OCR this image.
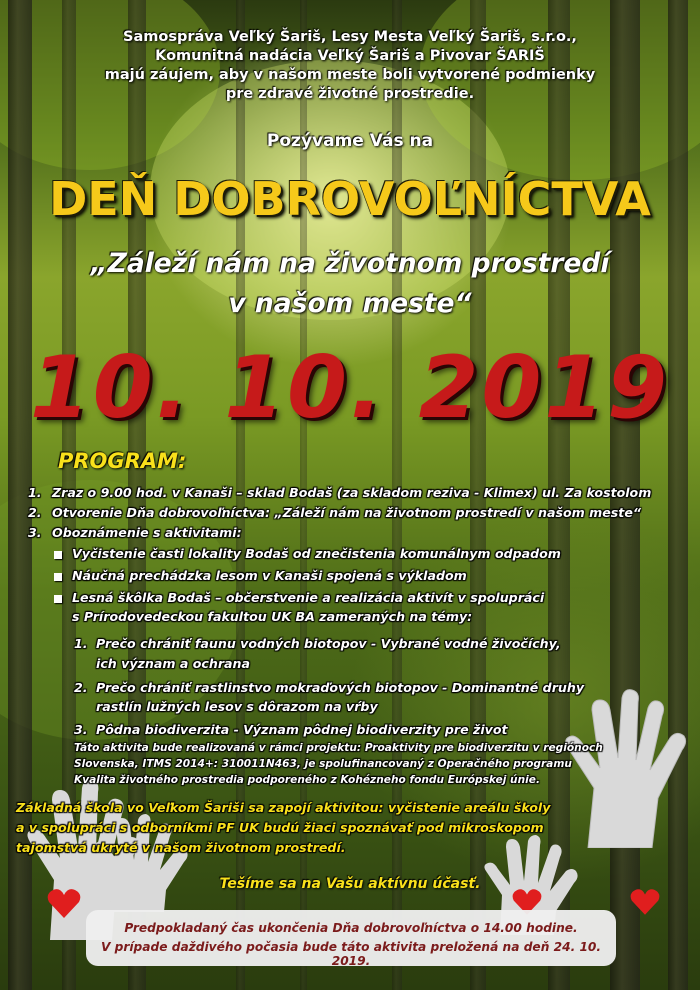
Samospráva Veľký Šariš, Lesy Mesta Veľký Šariš, s.r.o.,
Komunitná nadácia Veľký Šariš a Pivovar ŠARIŠ
majú záujem, aby v našom meste boli vytvorené podmienky
pre zdravé životné prostredie.
Pozývame Vás na
DEŇ DOBROVOĽNÍCTVA
„Záleží nám na životnom prostredí
v našom meste“
10. 10. 2019
PROGRAM:
1. Zraz o 9.00 hod. v Kanaši – sklad Bodaš (za skladom reziva - Klimex) ul. Za kostolom
2. Otvorenie Dňa dobrovoľníctva: „Záleží nám na životnom prostredí v našom meste“
3. Oboznámenie s aktivitami:
Vyčistenie časti lokality Bodaš od znečistenia komunálnym odpadom
Náučná prechádzka lesom v Kanaši spojená s výkladom
Lesná škôlka Bodaš – občerstvenie a realizácia aktivít v spolupráci
s Prírodovedeckou fakultou UK BA zameraných na témy:
1. Prečo chrániť faunu vodných biotopov - Vybrané vodné živočíchy,
ich význam a ochrana
2. Prečo chrániť rastlinstvo mokraďových biotopov - Dominantné druhy
rastlín lužných lesov s dôrazom na vŕby
3. Pôdna biodiverzita - Význam pôdnej biodiverzity pre život
Táto aktivita bude realizovaná v rámci projektu: Proaktivity pre biodiverzitu v regiónoch
Slovenska, ITMS 2014+: 310011N463, je spolufinancovaný z Operačného programu
Kvalita životného prostredia podporeného z Kohézneho fondu Európskej únie.
Základná škola vo Veľkom Šariši sa zapojí aktivitou: vyčistenie areálu školy
a v spolupráci s odborníkmi PF UK budú žiaci spoznávať pod mikroskopom
tajomstvá ukryté v našom životnom prostredí.
Tešíme sa na Vašu aktívnu účasť.
Predpokladaný čas ukončenia Dňa dobrovoľníctva o 14.00 hodine.
V prípade daždivého počasia bude táto aktivita preložená na deň 24. 10. 2019.
